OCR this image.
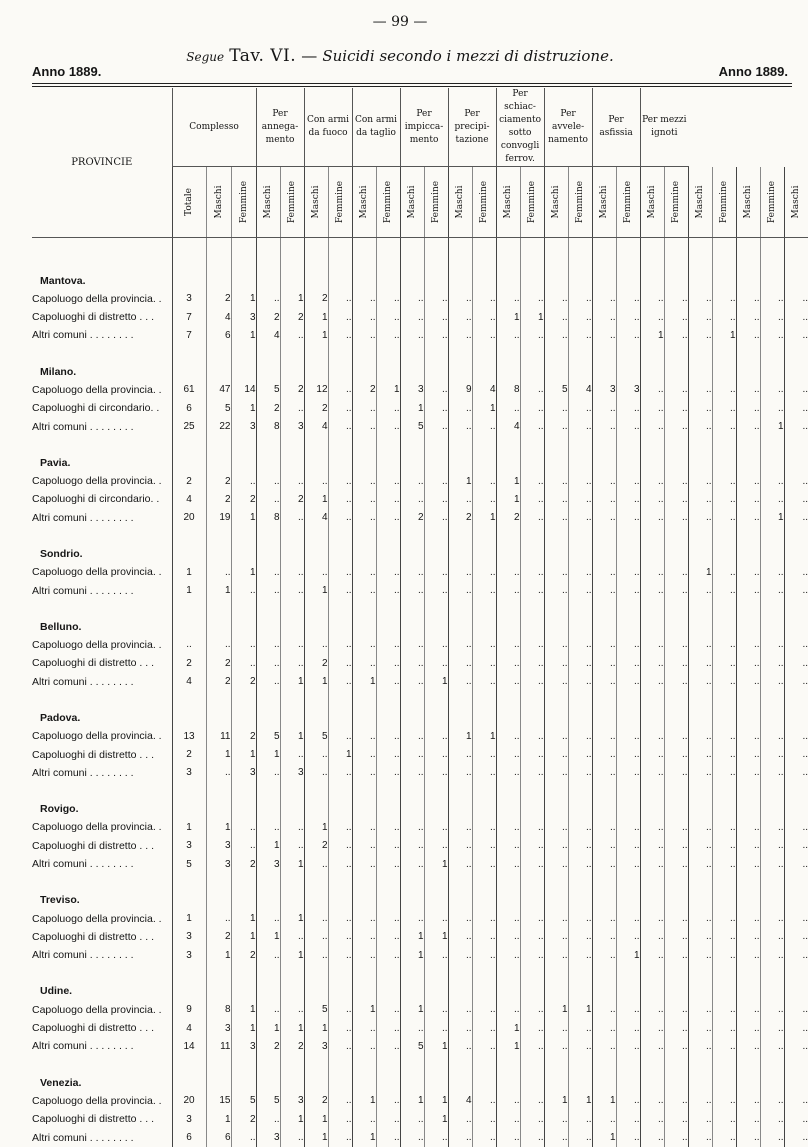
— 99 —
Segue Tav. VI. — Suicidi secondo i mezzi di distruzione.
Anno 1889.	Anno 1889.
PROVINCIE	Complesso			Per annega- mento		Con armi da fuoco		Con armi da taglio		Per impicca- mento		Per precipi- tazione		Per schiac- ciamento sotto convogli ferrov.		Per avvele- namento		Per asfissia		Per mezzi ignoti						

	Totale	Maschi	Femmine	Maschi	Femmine	Maschi	Femmine	Maschi	Femmine	Maschi	Femmine	Maschi	Femmine	Maschi	Femmine	Maschi	Femmine	Maschi	Femmine	Maschi	Femmine	Maschi	Femmine	Maschi	Femmine	Maschi

Mantova.																										
Capoluogo della provincia. .	3	2	1	..	1	2	..	..	..	..	..	..	..	..	..	..	..	..	..	..	..	..	..	..	..	..
Capoluoghi di distretto . . .	7	4	3	2	2	1	..	..	..	..	..	..	..	1	1	..	..	..	..	..	..	..	..	..	..	..
Altri comuni . . . . . . . .	7	6	1	4	..	1	..	..	..	..	..	..	..	..	..	..	..	..	..	1	..	..	1	..	..	..
Milano.																										
Capoluogo della provincia. .	61	47	14	5	2	12	..	2	1	3	..	9	4	8	..	5	4	3	3	..	..	..	..	..	..	..
Capoluoghi di circondario. .	6	5	1	2	..	2	..	..	..	1	..	..	1	..	..	..	..	..	..	..	..	..	..	..	..	..
Altri comuni . . . . . . . .	25	22	3	8	3	4	..	..	..	5	..	..	..	4	..	..	..	..	..	..	..	..	..	..	1	..
Pavia.																										
Capoluogo della provincia. .	2	2	..	..	..	..	..	..	..	..	..	1	..	1	..	..	..	..	..	..	..	..	..	..	..	..
Capoluoghi di circondario. .	4	2	2	..	2	1	..	..	..	..	..	..	..	1	..	..	..	..	..	..	..	..	..	..	..	..
Altri comuni . . . . . . . .	20	19	1	8	..	4	..	..	..	2	..	2	1	2	..	..	..	..	..	..	..	..	..	..	1	..
Sondrio.																										
Capoluogo della provincia. .	1	..	1	..	..	..	..	..	..	..	..	..	..	..	..	..	..	..	..	..	..	1	..	..	..	..
Altri comuni . . . . . . . .	1	1	..	..	..	1	..	..	..	..	..	..	..	..	..	..	..	..	..	..	..	..	..	..	..	..
Belluno.																										
Capoluogo della provincia. .	..	..	..	..	..	..	..	..	..	..	..	..	..	..	..	..	..	..	..	..	..	..	..	..	..	..
Capoluoghi di distretto . . .	2	2	..	..	..	2	..	..	..	..	..	..	..	..	..	..	..	..	..	..	..	..	..	..	..	..
Altri comuni . . . . . . . .	4	2	2	..	1	1	..	1	..	..	1	..	..	..	..	..	..	..	..	..	..	..	..	..	..	..
Padova.																										
Capoluogo della provincia. .	13	11	2	5	1	5	..	..	..	..	..	1	1	..	..	..	..	..	..	..	..	..	..	..	..	..
Capoluoghi di distretto . . .	2	1	1	1	..	..	1	..	..	..	..	..	..	..	..	..	..	..	..	..	..	..	..	..	..	..
Altri comuni . . . . . . . .	3	..	3	..	3	..	..	..	..	..	..	..	..	..	..	..	..	..	..	..	..	..	..	..	..	..
Rovigo.																										
Capoluogo della provincia. .	1	1	..	..	..	1	..	..	..	..	..	..	..	..	..	..	..	..	..	..	..	..	..	..	..	..
Capoluoghi di distretto . . .	3	3	..	1	..	2	..	..	..	..	..	..	..	..	..	..	..	..	..	..	..	..	..	..	..	..
Altri comuni . . . . . . . .	5	3	2	3	1	..	..	..	..	..	1	..	..	..	..	..	..	..	..	..	..	..	..	..	..	..
Treviso.																										
Capoluogo della provincia. .	1	..	1	..	1	..	..	..	..	..	..	..	..	..	..	..	..	..	..	..	..	..	..	..	..	..
Capoluoghi di distretto . . .	3	2	1	1	..	..	..	..	..	1	1	..	..	..	..	..	..	..	..	..	..	..	..	..	..	..
Altri comuni . . . . . . . .	3	1	2	..	1	..	..	..	..	1	..	..	..	..	..	..	..	..	1	..	..	..	..	..	..	..
Udine.																										
Capoluogo della provincia. .	9	8	1	..	..	5	..	1	..	1	..	..	..	..	..	1	1	..	..	..	..	..	..	..	..	..
Capoluoghi di distretto . . .	4	3	1	1	1	1	..	..	..	..	..	..	..	1	..	..	..	..	..	..	..	..	..	..	..	..
Altri comuni . . . . . . . .	14	11	3	2	2	3	..	..	..	5	1	..	..	1	..	..	..	..	..	..	..	..	..	..	..	..
Venezia.																										
Capoluogo della provincia. .	20	15	5	5	3	2	..	1	..	1	1	4	..	..	..	1	1	1	..	..	..	..	..	..	..	..
Capoluoghi di distretto . . .	3	1	2	..	1	1	..	..	..	..	1	..	..	..	..	..	..	..	..	..	..	..	..	..	..	..
Altri comuni . . . . . . . .	6	6	..	3	..	1	..	1	..	..	..	..	..	..	..	..	..	1	..	..	..	..	..	..	..	..
